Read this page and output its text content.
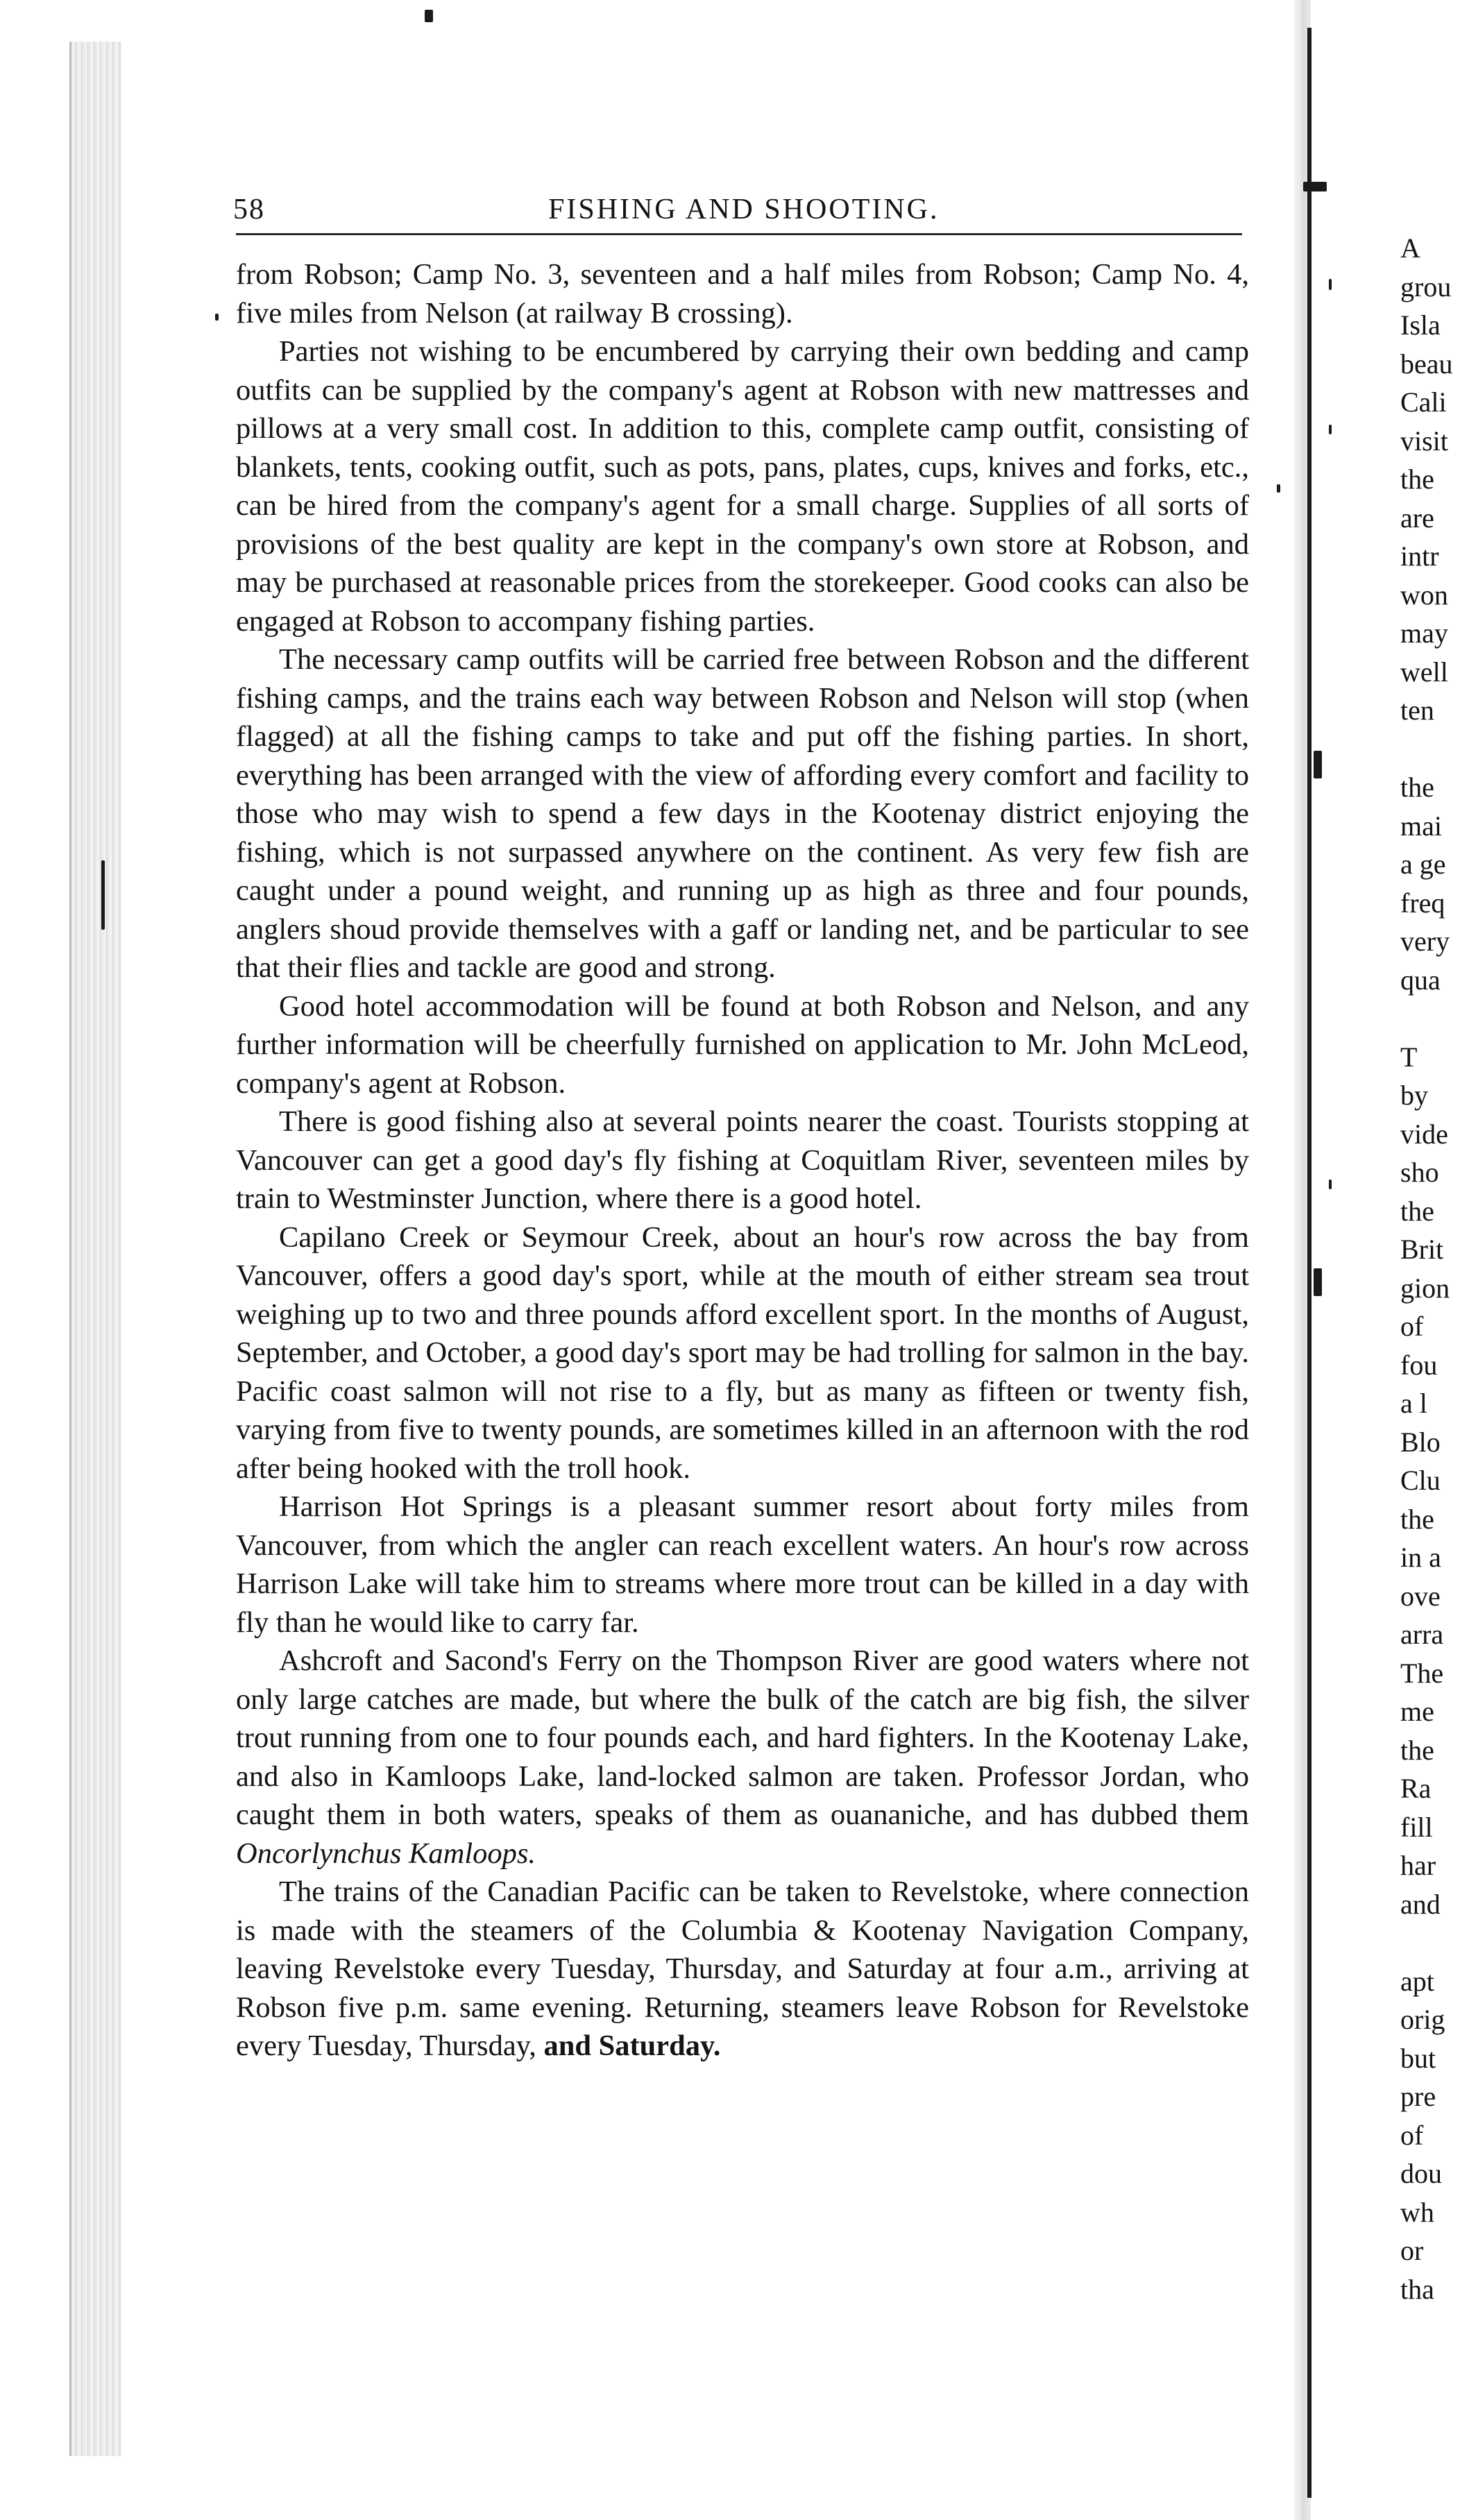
58	FISHING AND SHOOTING.

from Robson; Camp No. 3, seventeen and a half miles from Robson; Camp No. 4, five miles from Nelson (at railway B crossing).

Parties not wishing to be encumbered by carrying their own bedding and camp outfits can be supplied by the company's agent at Robson with new mattresses and pillows at a very small cost. In addition to this, complete camp outfit, consisting of blankets, tents, cooking outfit, such as pots, pans, plates, cups, knives and forks, etc., can be hired from the company's agent for a small charge. Supplies of all sorts of provisions of the best quality are kept in the company's own store at Robson, and may be purchased at reasonable prices from the storekeeper. Good cooks can also be engaged at Robson to accompany fishing parties.

The necessary camp outfits will be carried free between Robson and the different fishing camps, and the trains each way between Robson and Nelson will stop (when flagged) at all the fishing camps to take and put off the fishing parties. In short, everything has been arranged with the view of affording every comfort and facility to those who may wish to spend a few days in the Kootenay district enjoying the fishing, which is not surpassed anywhere on the continent. As very few fish are caught under a pound weight, and running up as high as three and four pounds, anglers shoud provide themselves with a gaff or landing net, and be particular to see that their flies and tackle are good and strong.

Good hotel accommodation will be found at both Robson and Nelson, and any further information will be cheerfully furnished on application to Mr. John McLeod, company's agent at Robson.

There is good fishing also at several points nearer the coast. Tourists stopping at Vancouver can get a good day's fly fishing at Coquitlam River, seventeen miles by train to Westminster Junction, where there is a good hotel.

Capilano Creek or Seymour Creek, about an hour's row across the bay from Vancouver, offers a good day's sport, while at the mouth of either stream sea trout weighing up to two and three pounds afford excellent sport. In the months of August, September, and October, a good day's sport may be had trolling for salmon in the bay. Pacific coast salmon will not rise to a fly, but as many as fifteen or twenty fish, varying from five to twenty pounds, are sometimes killed in an afternoon with the rod after being hooked with the troll hook.

Harrison Hot Springs is a pleasant summer resort about forty miles from Vancouver, from which the angler can reach excellent waters. An hour's row across Harrison Lake will take him to streams where more trout can be killed in a day with fly than he would like to carry far.

Ashcroft and Sacond's Ferry on the Thompson River are good waters where not only large catches are made, but where the bulk of the catch are big fish, the silver trout running from one to four pounds each, and hard fighters. In the Kootenay Lake, and also in Kamloops Lake, land-locked salmon are taken. Professor Jordan, who caught them in both waters, speaks of them as ouananiche, and has dubbed them Oncorlynchus Kamloops.

The trains of the Canadian Pacific can be taken to Revelstoke, where connection is made with the steamers of the Columbia & Kootenay Navigation Company, leaving Revelstoke every Tuesday, Thursday, and Saturday at four a.m., arriving at Robson five p.m. same evening. Returning, steamers leave Robson for Revelstoke every Tuesday, Thursday, and Saturday.

A
grou
Isla
beau
Cali
visit
the
are
intr
won
may
well
ten
the
mai
a ge
freq
very
qua
T
by
vide
sho
the
Brit
gion
of
fou
a l
Blo
Clu
the
in a
ove
arra
The
me
the
Ra
fill
har
and
apt
orig
but
pre
of
dou
wh
or
tha
